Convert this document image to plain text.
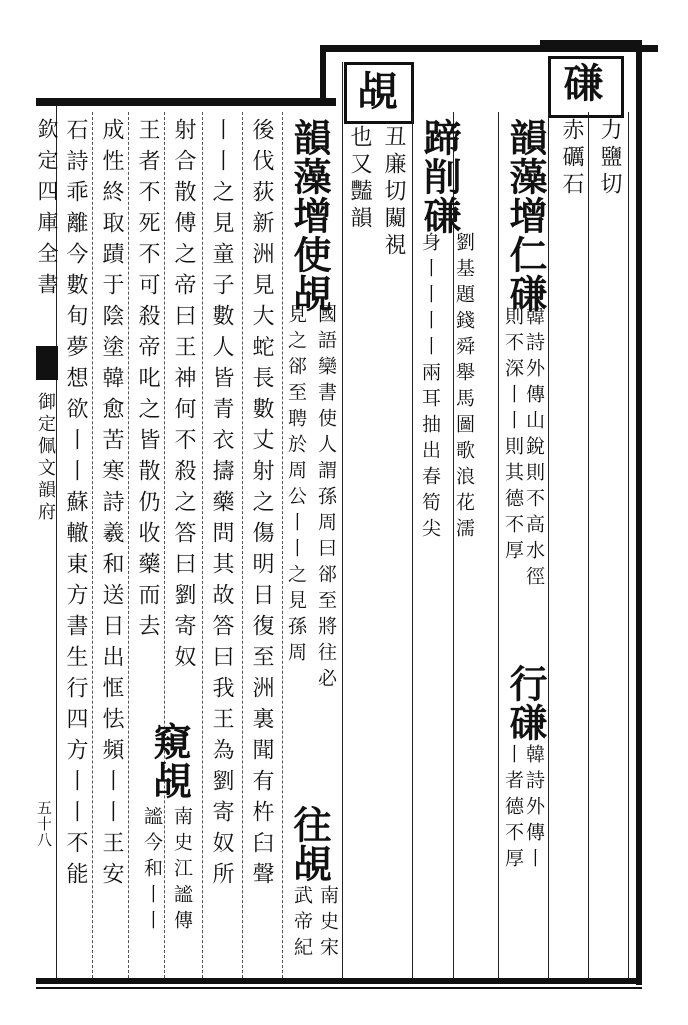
磏
覘
力鹽切
赤礪石
韻藻增仁磏
韓詩外傳山銳則不高水徑
則不深丨丨則其德不厚
行磏
韓詩外傳丨
丨者德不厚
蹄削磏
劉基題錢舜舉馬圖歌浪花濡
身丨丨丨丨兩耳抽出春筍尖
丑廉切闚視
也又豔韻
韻藻增使覘
國語欒書使人謂孫周曰郤至將往必
見之郤至聘於周公丨丨之見孫周
往覘
南史宋
武帝紀
後伐荻新洲見大蛇長數丈射之傷明日復至洲裏聞有杵臼聲
丨丨之見童子數人皆青衣擣藥問其故答曰我王為劉寄奴所
射合散傅之帝曰王神何不殺之答曰劉寄奴
窺覘
南史江謐傳
謐今和丨丨
王者不死不可殺帝叱之皆散仍收藥而去
成性終取蹟于陰塗韓愈苦寒詩羲和送日出恇怯頻丨丨王安
石詩乖離今數旬夢想欲丨丨蘇轍東方書生行四方丨丨不能
欽定四庫全書
御定佩文韻府
五十八
